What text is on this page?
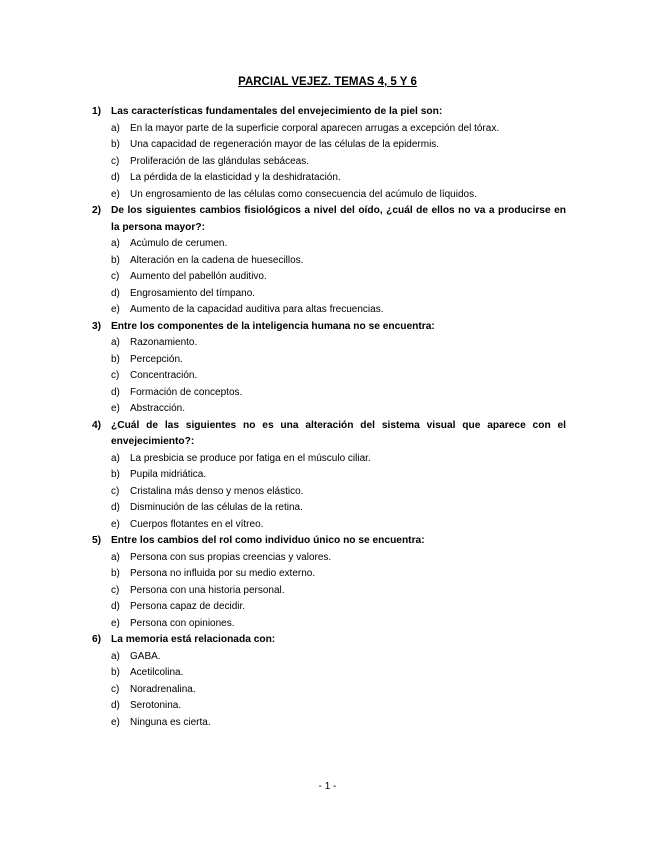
PARCIAL VEJEZ. TEMAS 4, 5 Y 6
1) Las características fundamentales del envejecimiento de la piel son:
a)	En la mayor parte de la superficie corporal aparecen arrugas a excepción del tórax.
b)	Una capacidad de regeneración mayor de las células de la epidermis.
c)	Proliferación de las glándulas sebáceas.
d)	La pérdida de la elasticidad y la deshidratación.
e)	Un engrosamiento de las células como consecuencia del acúmulo de líquidos.
2) De los siguientes cambios fisiológicos a nivel del oído, ¿cuál de ellos no va a producirse en la persona mayor?:
a)	Acúmulo de cerumen.
b)	Alteración en la cadena de huesecillos.
c)	Aumento del pabellón auditivo.
d)	Engrosamiento del tímpano.
e)	Aumento de la capacidad auditiva para altas frecuencias.
3) Entre los componentes de la inteligencia humana no se encuentra:
a)	Razonamiento.
b)	Percepción.
c)	Concentración.
d)	Formación de conceptos.
e)	Abstracción.
4) ¿Cuál de las siguientes no es una alteración del sistema visual que aparece con el envejecimiento?:
a)	La presbicia se produce por fatiga en el músculo ciliar.
b)	Pupila midriática.
c)	Cristalina más denso y menos elástico.
d)	Disminución de las células de la retina.
e)	Cuerpos flotantes en el vítreo.
5) Entre los cambios del rol como individuo único no se encuentra:
a)	Persona con sus propias creencias y valores.
b)	Persona no influida por su medio externo.
c)	Persona con una historia personal.
d)	Persona capaz de decidir.
e)	Persona con opiniones.
6) La memoria está relacionada con:
a)	GABA.
b)	Acetilcolina.
c)	Noradrenalina.
d)	Serotonina.
e)	Ninguna es cierta.
- 1 -
